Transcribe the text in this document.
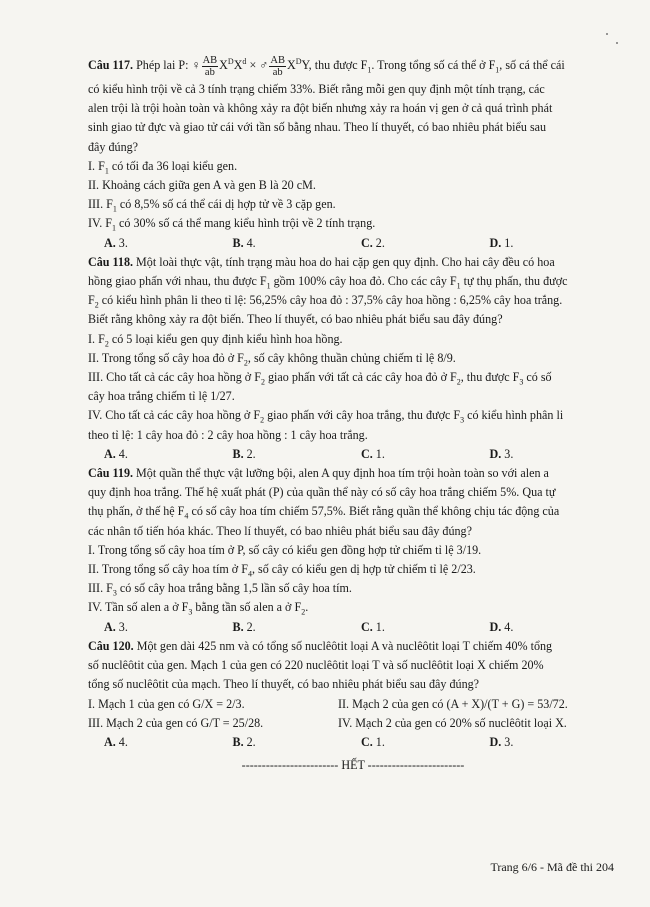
Câu 117. Phép lai P: ♀ $\frac{AB}{ab} X^DX^d$ × ♂ $\frac{AB}{ab} X^DY$, thu được $F_1$. Trong tổng số cá thể ở $F_1$, số cá thể cái

có kiểu hình trội về cả 3 tính trạng chiếm 33%. Biết rằng mỗi gen quy định một tính trạng, các

alen trội là trội hoàn toàn và không xảy ra đột biến nhưng xảy ra hoán vị gen ở cả quá trình phát

sinh giao tử đực và giao tử cái với tần số bằng nhau. Theo lí thuyết, có bao nhiêu phát biểu sau

đây đúng?

I. $F_1$ có tối đa 36 loại kiểu gen.

II. Khoảng cách giữa gen A và gen B là 20 cM.

III. $F_1$ có 8,5% số cá thể cái dị hợp tử về 3 cặp gen.

IV. $F_1$ có 30% số cá thể mang kiểu hình trội về 2 tính trạng.

A. 3.	B. 4.	C. 2.	D. 1.

Câu 118. Một loài thực vật, tính trạng màu hoa do hai cặp gen quy định. Cho hai cây đều có hoa

hồng giao phấn với nhau, thu được $F_1$ gồm 100% cây hoa đỏ. Cho các cây $F_1$ tự thụ phấn, thu được

$F_2$ có kiểu hình phân li theo tỉ lệ: 56,25% cây hoa đỏ : 37,5% cây hoa hồng : 6,25% cây hoa trắng.

Biết rằng không xảy ra đột biến. Theo lí thuyết, có bao nhiêu phát biểu sau đây đúng?

I. $F_2$ có 5 loại kiểu gen quy định kiểu hình hoa hồng.

II. Trong tổng số cây hoa đỏ ở $F_2$, số cây không thuần chủng chiếm tỉ lệ 8/9.

III. Cho tất cả các cây hoa hồng ở $F_2$ giao phấn với tất cả các cây hoa đỏ ở $F_2$, thu được $F_3$ có số

cây hoa trắng chiếm tỉ lệ 1/27.

IV. Cho tất cả các cây hoa hồng ở $F_2$ giao phấn với cây hoa trắng, thu được $F_3$ có kiểu hình phân li

theo tỉ lệ: 1 cây hoa đỏ : 2 cây hoa hồng : 1 cây hoa trắng.

A. 4.	B. 2.	C. 1.	D. 3.

Câu 119. Một quần thể thực vật lưỡng bội, alen A quy định hoa tím trội hoàn toàn so với alen a

quy định hoa trắng. Thế hệ xuất phát (P) của quần thể này có số cây hoa trắng chiếm 5%. Qua tự

thụ phấn, ở thế hệ $F_4$ có số cây hoa tím chiếm 57,5%. Biết rằng quần thể không chịu tác động của

các nhân tố tiến hóa khác. Theo lí thuyết, có bao nhiêu phát biểu sau đây đúng?

I. Trong tổng số cây hoa tím ở P, số cây có kiểu gen đồng hợp tử chiếm tỉ lệ 3/19.

II. Trong tổng số cây hoa tím ở $F_4$, số cây có kiểu gen dị hợp tử chiếm tỉ lệ 2/23.

III. $F_3$ có số cây hoa trắng bằng 1,5 lần số cây hoa tím.

IV. Tần số alen a ở $F_3$ bằng tần số alen a ở $F_2$.

A. 3.	B. 2.	C. 1.	D. 4.

Câu 120. Một gen dài 425 nm và có tổng số nuclêôtit loại A và nuclêôtit loại T chiếm 40% tổng

số nuclêôtit của gen. Mạch 1 của gen có 220 nuclêôtit loại T và số nuclêôtit loại X chiếm 20%

tổng số nuclêôtit của mạch. Theo lí thuyết, có bao nhiêu phát biểu sau đây đúng?

I. Mạch 1 của gen có G/X = 2/3.	II. Mạch 2 của gen có (A + X)/(T + G) = 53/72.
III. Mạch 2 của gen có G/T = 25/28.	IV. Mạch 2 của gen có 20% số nuclêôtit loại X.
A. 4.	B. 2.	C. 1.	D. 3.

------------------------ HẾT ------------------------

Trang 6/6 - Mã đề thi 204
